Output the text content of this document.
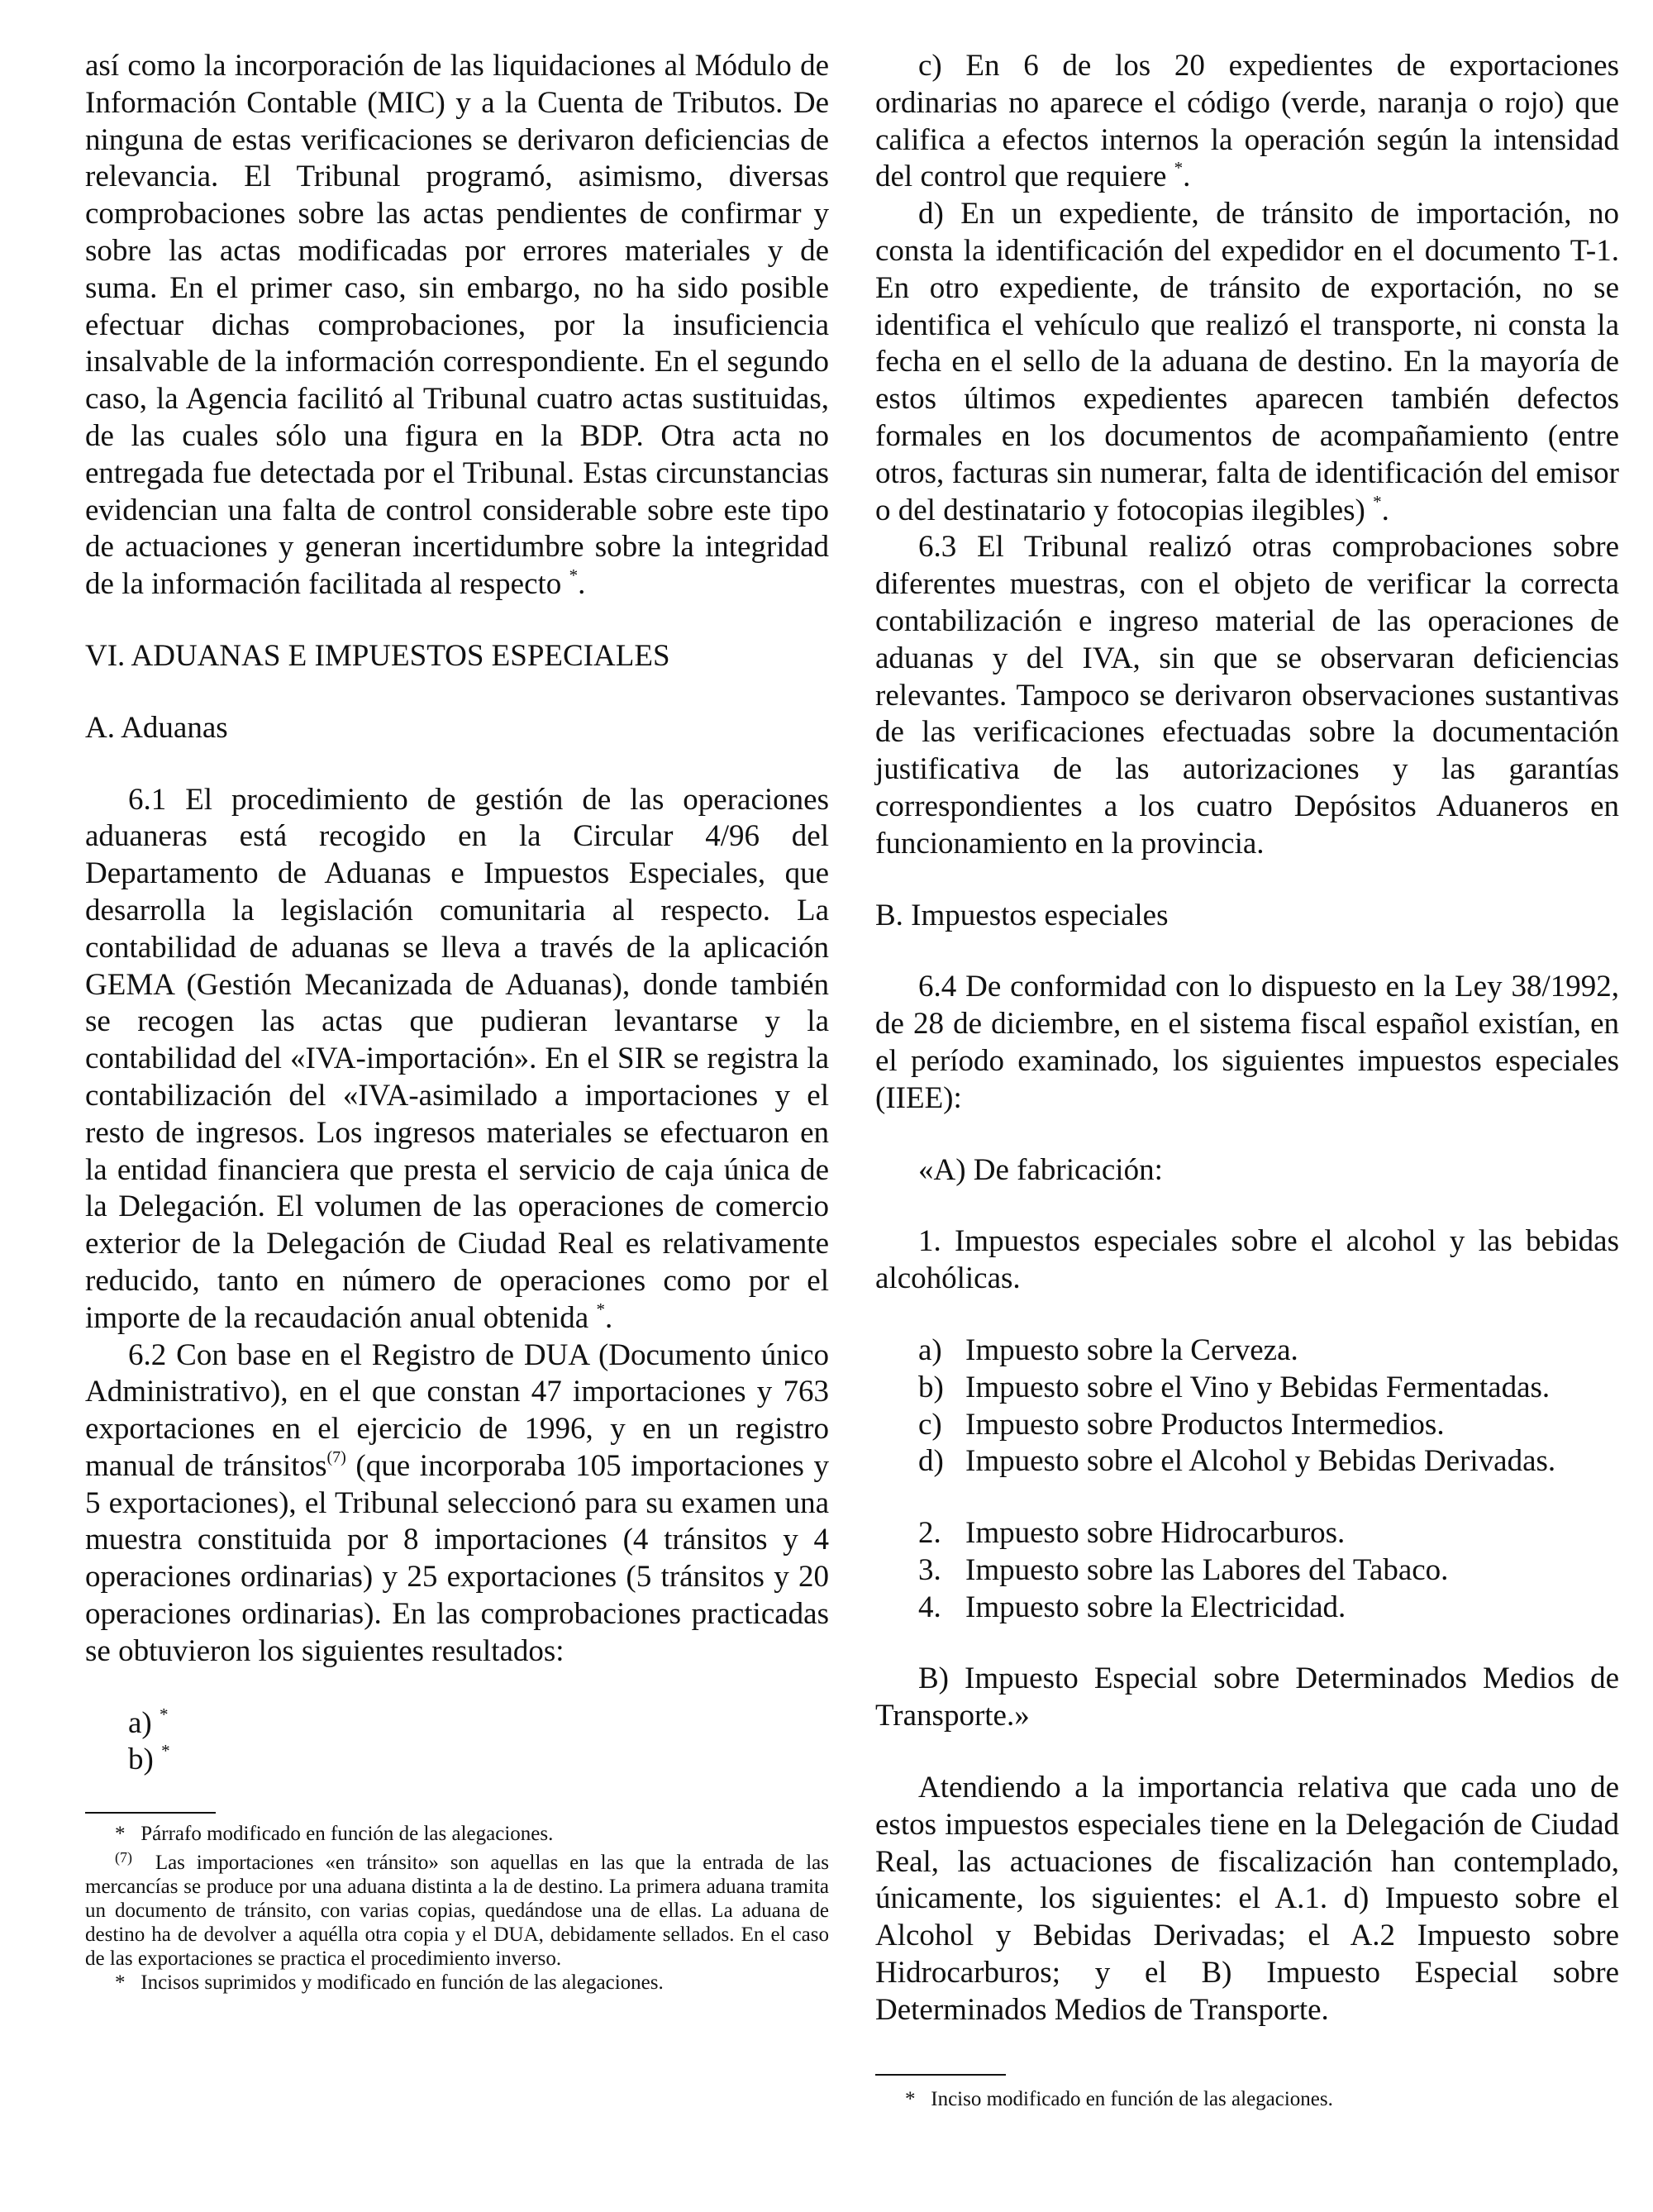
así como la incorporación de las liquidaciones al Módulo de Información Contable (MIC) y a la Cuenta de Tributos. De ninguna de estas verificaciones se derivaron deficiencias de relevancia. El Tribunal programó, asimismo, diversas comprobaciones sobre las actas pendientes de confirmar y sobre las actas modificadas por errores materiales y de suma. En el primer caso, sin embargo, no ha sido posible efectuar dichas comprobaciones, por la insuficiencia insalvable de la información correspondiente. En el segundo caso, la Agencia facilitó al Tribunal cuatro actas sustituidas, de las cuales sólo una figura en la BDP. Otra acta no entregada fue detectada por el Tribunal. Estas circunstancias evidencian una falta de control considerable sobre este tipo de actuaciones y generan incertidumbre sobre la integridad de la información facilitada al respecto *.

VI. ADUANAS E IMPUESTOS ESPECIALES

A. Aduanas

6.1 El procedimiento de gestión de las operaciones aduaneras está recogido en la Circular 4/96 del Departamento de Aduanas e Impuestos Especiales, que desarrolla la legislación comunitaria al respecto. La contabilidad de aduanas se lleva a través de la aplicación GEMA (Gestión Mecanizada de Aduanas), donde también se recogen las actas que pudieran levantarse y la contabilidad del «IVA-importación». En el SIR se registra la contabilización del «IVA-asimilado a importaciones y el resto de ingresos. Los ingresos materiales se efectuaron en la entidad financiera que presta el servicio de caja única de la Delegación. El volumen de las operaciones de comercio exterior de la Delegación de Ciudad Real es relativamente reducido, tanto en número de operaciones como por el importe de la recaudación anual obtenida *.

6.2 Con base en el Registro de DUA (Documento único Administrativo), en el que constan 47 importaciones y 763 exportaciones en el ejercicio de 1996, y en un registro manual de tránsitos$^{(7)}$ (que incorporaba 105 importaciones y 5 exportaciones), el Tribunal seleccionó para su examen una muestra constituida por 8 importaciones (4 tránsitos y 4 operaciones ordinarias) y 25 exportaciones (5 tránsitos y 20 operaciones ordinarias). En las comprobaciones practicadas se obtuvieron los siguientes resultados:

a) *

b) *

* Párrafo modificado en función de las alegaciones.

$^{(7)}$ Las importaciones «en tránsito» son aquellas en las que la entrada de las mercancías se produce por una aduana distinta a la de destino. La primera aduana tramita un documento de tránsito, con varias copias, quedándose una de ellas. La aduana de destino ha de devolver a aquélla otra copia y el DUA, debidamente sellados. En el caso de las exportaciones se practica el procedimiento inverso.

* Incisos suprimidos y modificado en función de las alegaciones.

c) En 6 de los 20 expedientes de exportaciones ordinarias no aparece el código (verde, naranja o rojo) que califica a efectos internos la operación según la intensidad del control que requiere *.

d) En un expediente, de tránsito de importación, no consta la identificación del expedidor en el documento T-1. En otro expediente, de tránsito de exportación, no se identifica el vehículo que realizó el transporte, ni consta la fecha en el sello de la aduana de destino. En la mayoría de estos últimos expedientes aparecen también defectos formales en los documentos de acompañamiento (entre otros, facturas sin numerar, falta de identificación del emisor o del destinatario y fotocopias ilegibles) *.

6.3 El Tribunal realizó otras comprobaciones sobre diferentes muestras, con el objeto de verificar la correcta contabilización e ingreso material de las operaciones de aduanas y del IVA, sin que se observaran deficiencias relevantes. Tampoco se derivaron observaciones sustantivas de las verificaciones efectuadas sobre la documentación justificativa de las autorizaciones y las garantías correspondientes a los cuatro Depósitos Aduaneros en funcionamiento en la provincia.

B. Impuestos especiales

6.4 De conformidad con lo dispuesto en la Ley 38/1992, de 28 de diciembre, en el sistema fiscal español existían, en el período examinado, los siguientes impuestos especiales (IIEE):

«A) De fabricación:

1. Impuestos especiales sobre el alcohol y las bebidas alcohólicas.

a) Impuesto sobre la Cerveza.
b) Impuesto sobre el Vino y Bebidas Fermentadas.
c) Impuesto sobre Productos Intermedios.
d) Impuesto sobre el Alcohol y Bebidas Derivadas.
2. Impuesto sobre Hidrocarburos.
3. Impuesto sobre las Labores del Tabaco.
4. Impuesto sobre la Electricidad.

B) Impuesto Especial sobre Determinados Medios de Transporte.»

Atendiendo a la importancia relativa que cada uno de estos impuestos especiales tiene en la Delegación de Ciudad Real, las actuaciones de fiscalización han contemplado, únicamente, los siguientes: el A.1. d) Impuesto sobre el Alcohol y Bebidas Derivadas; el A.2 Impuesto sobre Hidrocarburos; y el B) Impuesto Especial sobre Determinados Medios de Transporte.

* Inciso modificado en función de las alegaciones.
